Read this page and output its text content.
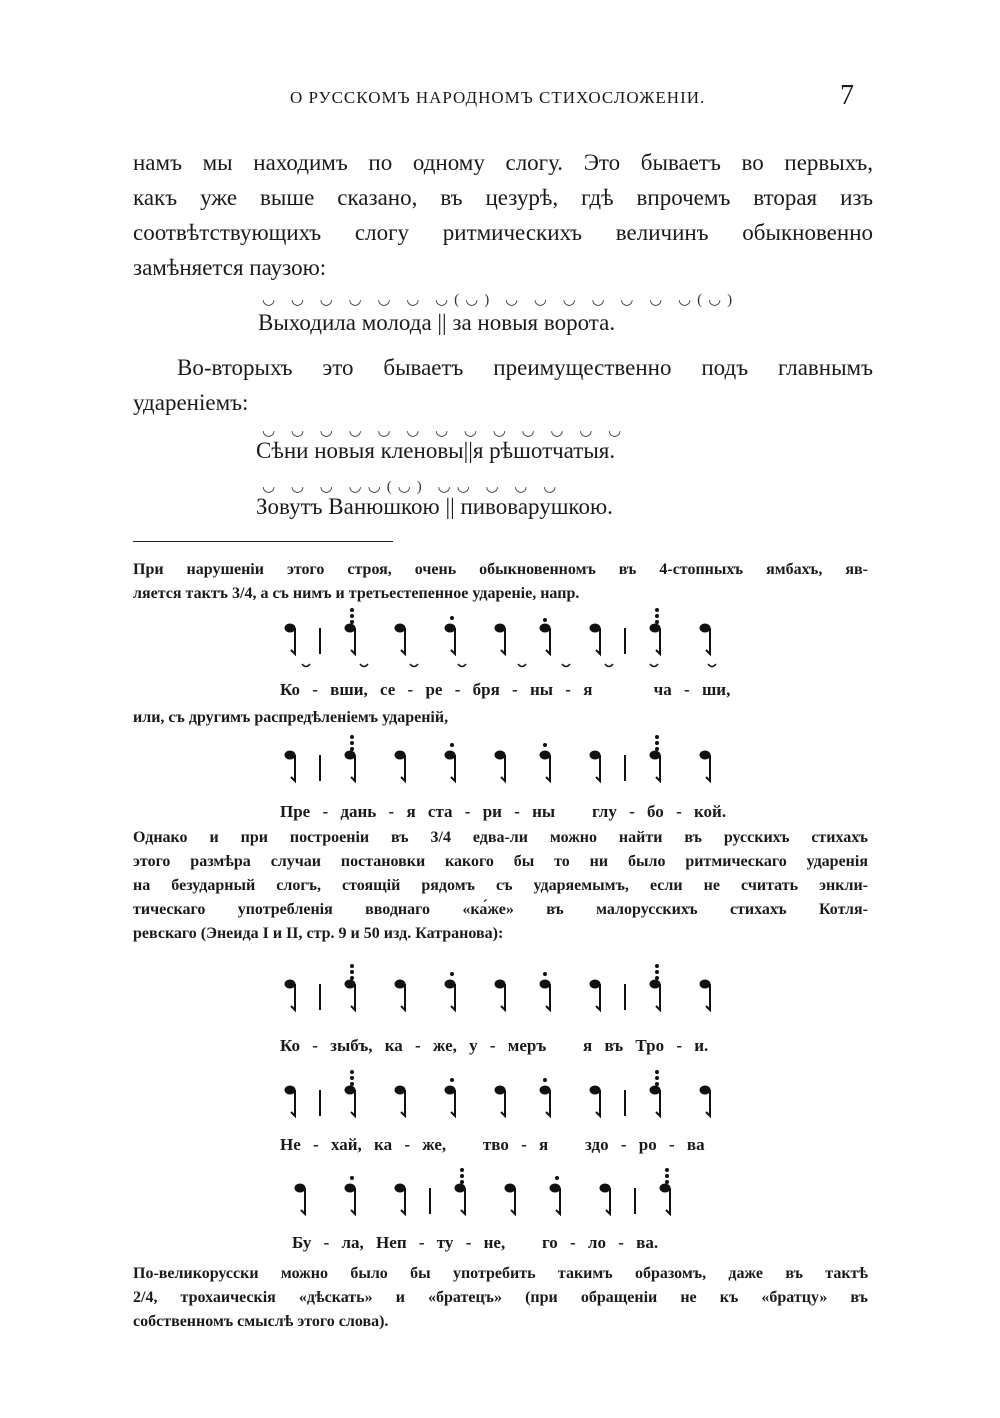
О РУССКОМЪ НАРОДНОМЪ СТИХОСЛОЖЕНІИ.	7
намъ мы находимъ по одному слогу. Это бываетъ во первыхъ,
какъ уже выше сказано, въ цезурѣ, гдѣ впрочемъ вторая изъ
соотвѣтствующихъ слогу ритмическихъ величинъ обыкновенно
замѣняется паузою:
◡ ◡ ◡ ◡ ◡ ◡ ◡(◡) ◡ ◡ ◡ ◡ ◡ ◡ ◡(◡)
Выходила молода || за новыя ворота.
Во-вторыхъ это бываетъ преимущественно подъ главнымъ
удареніемъ:
◡ ◡ ◡ ◡ ◡ ◡ ◡ ◡ ◡ ◡ ◡ ◡ ◡
Сѣни новыя кленовы||я рѣшотчатыя.
◡ ◡ ◡ ◡◡(◡) ◡◡ ◡ ◡ ◡
Зовутъ Ванюшкою || пивоварушкою.
При нарушеніи этого строя, очень обыкновенномъ въ 4-стопныхъ ямбахъ, яв-
ляется тактъ 3/4, а съ нимъ и третьестепенное удареніе, напр.
Ко - вши, се - ре - бря - ны - я	ча - ши,
или, съ другимъ распредѣленіемъ ударенiй,
Пре - дань - я ста - ри - ны глу - бо - кой.
Однако и при построеніи въ 3/4 едва-ли можно найти въ русскихъ стихахъ
этого размѣра случаи постановки какого бы то ни было ритмическаго ударенія
на безударный слогъ, стоящій рядомъ съ ударяемымъ, если не считать энкли-
тическаго употребленія вводнаго «ка́же» въ малорусскихъ стихахъ Котля-
ревскаго (Энеида I и II, стр. 9 и 50 изд. Катранова):
Ко - зыбъ, ка - же, у - меръ я въ Тро - и.
Не - хай, ка - же, тво - я здо - ро - ва
Бу - ла, Неп - ту - не, го - ло - ва.
По-великорусски можно было бы употребить такимъ образомъ, даже въ тактѣ
2/4, трохаическія «дѣскать» и «братецъ» (при обращеніи не къ «братцу» въ
собственномъ смыслѣ этого слова).
